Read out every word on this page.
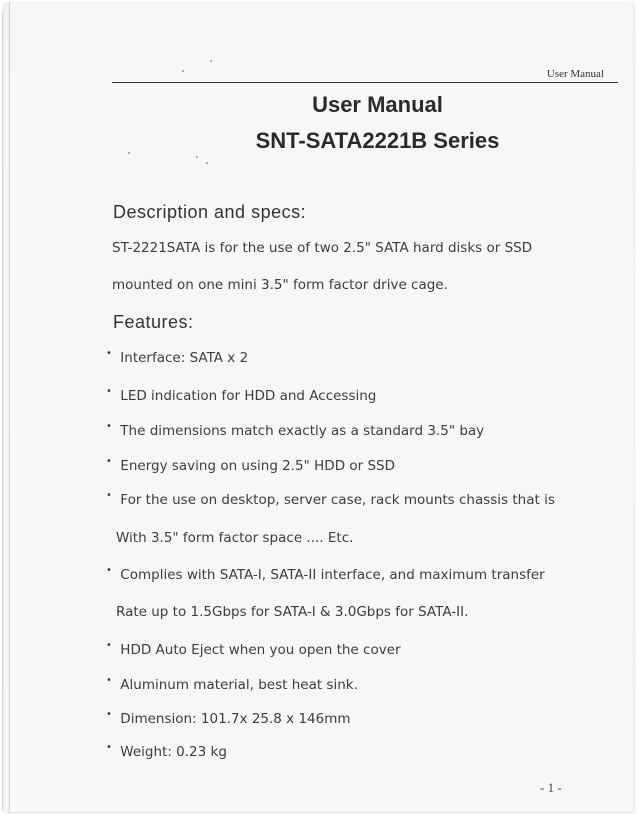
User Manual
User Manual
SNT-SATA2221B Series
Description and specs:
ST-2221SATA is for the use of two 2.5" SATA hard disks or SSD
mounted on one mini 3.5" form factor drive cage.
Features:
• Interface: SATA x 2
• LED indication for HDD and Accessing
• The dimensions match exactly as a standard 3.5" bay
• Energy saving on using 2.5" HDD or SSD
• For the use on desktop, server case, rack mounts chassis that is
With 3.5" form factor space .... Etc.
• Complies with SATA-I, SATA-II interface, and maximum transfer
Rate up to 1.5Gbps for SATA-I & 3.0Gbps for SATA-II.
• HDD Auto Eject when you open the cover
• Aluminum material, best heat sink.
• Dimension: 101.7x 25.8 x 146mm
• Weight: 0.23 kg
- 1 -
